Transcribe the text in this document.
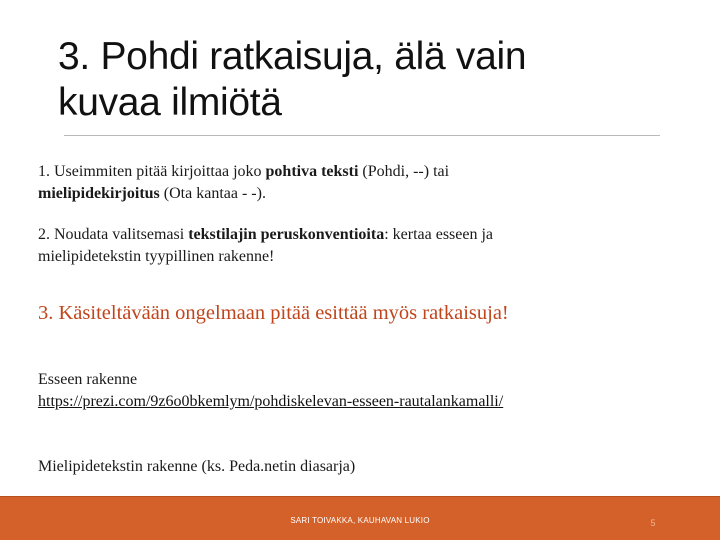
3. Pohdi ratkaisuja, älä vain
kuvaa ilmiötä
1. Useimmiten pitää kirjoittaa joko pohtiva teksti (Pohdi, --) tai
mielipidekirjoitus (Ota kantaa - -).
2. Noudata valitsemasi tekstilajin peruskonventioita: kertaa esseen ja
mielipidetekstin tyypillinen rakenne!
3. Käsiteltävään ongelmaan pitää esittää myös ratkaisuja!
Esseen rakenne
https://prezi.com/9z6o0bkemlym/pohdiskelevan-esseen-rautalankamalli/
Mielipidetekstin rakenne (ks. Peda.netin diasarja)
SARI TOIVAKKA, KAUHAVAN LUKIO	5
